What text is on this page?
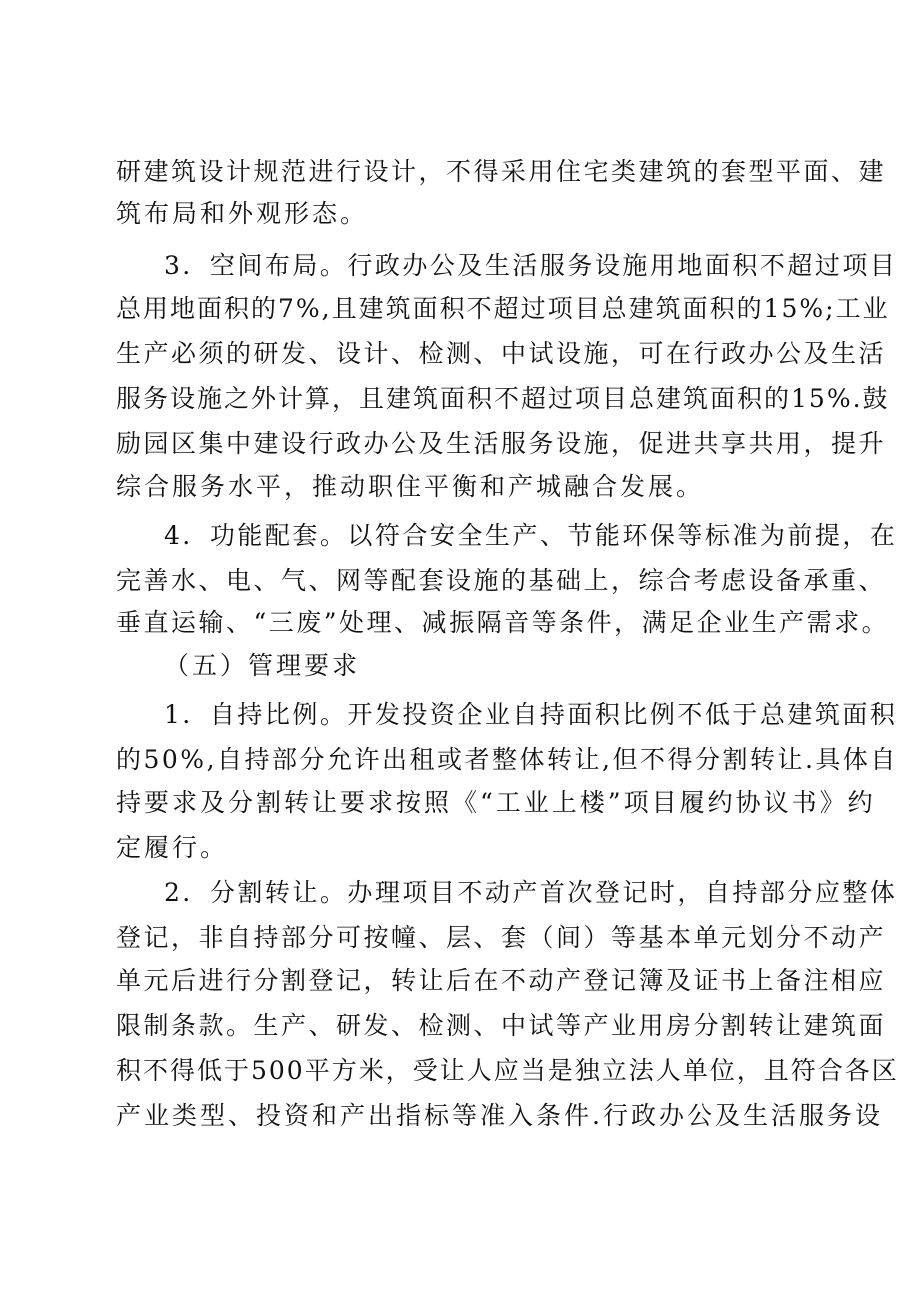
研建筑设计规范进行设计，不得采用住宅类建筑的套型平面、建
筑布局和外观形态。
3．空间布局。行政办公及生活服务设施用地面积不超过项目
总用地面积的7%,且建筑面积不超过项目总建筑面积的15%;工业
生产必须的研发、设计、检测、中试设施，可在行政办公及生活
服务设施之外计算，且建筑面积不超过项目总建筑面积的15%.鼓
励园区集中建设行政办公及生活服务设施，促进共享共用，提升
综合服务水平，推动职住平衡和产城融合发展。
4．功能配套。以符合安全生产、节能环保等标准为前提，在
完善水、电、气、网等配套设施的基础上，综合考虑设备承重、
垂直运输、“三废”处理、减振隔音等条件，满足企业生产需求。
（五）管理要求
1．自持比例。开发投资企业自持面积比例不低于总建筑面积
的50%,自持部分允许出租或者整体转让,但不得分割转让.具体自
持要求及分割转让要求按照《“工业上楼”项目履约协议书》约
定履行。
2．分割转让。办理项目不动产首次登记时，自持部分应整体
登记，非自持部分可按幢、层、套（间）等基本单元划分不动产
单元后进行分割登记，转让后在不动产登记簿及证书上备注相应
限制条款。生产、研发、检测、中试等产业用房分割转让建筑面
积不得低于500平方米，受让人应当是独立法人单位，且符合各区
产业类型、投资和产出指标等准入条件.行政办公及生活服务设
